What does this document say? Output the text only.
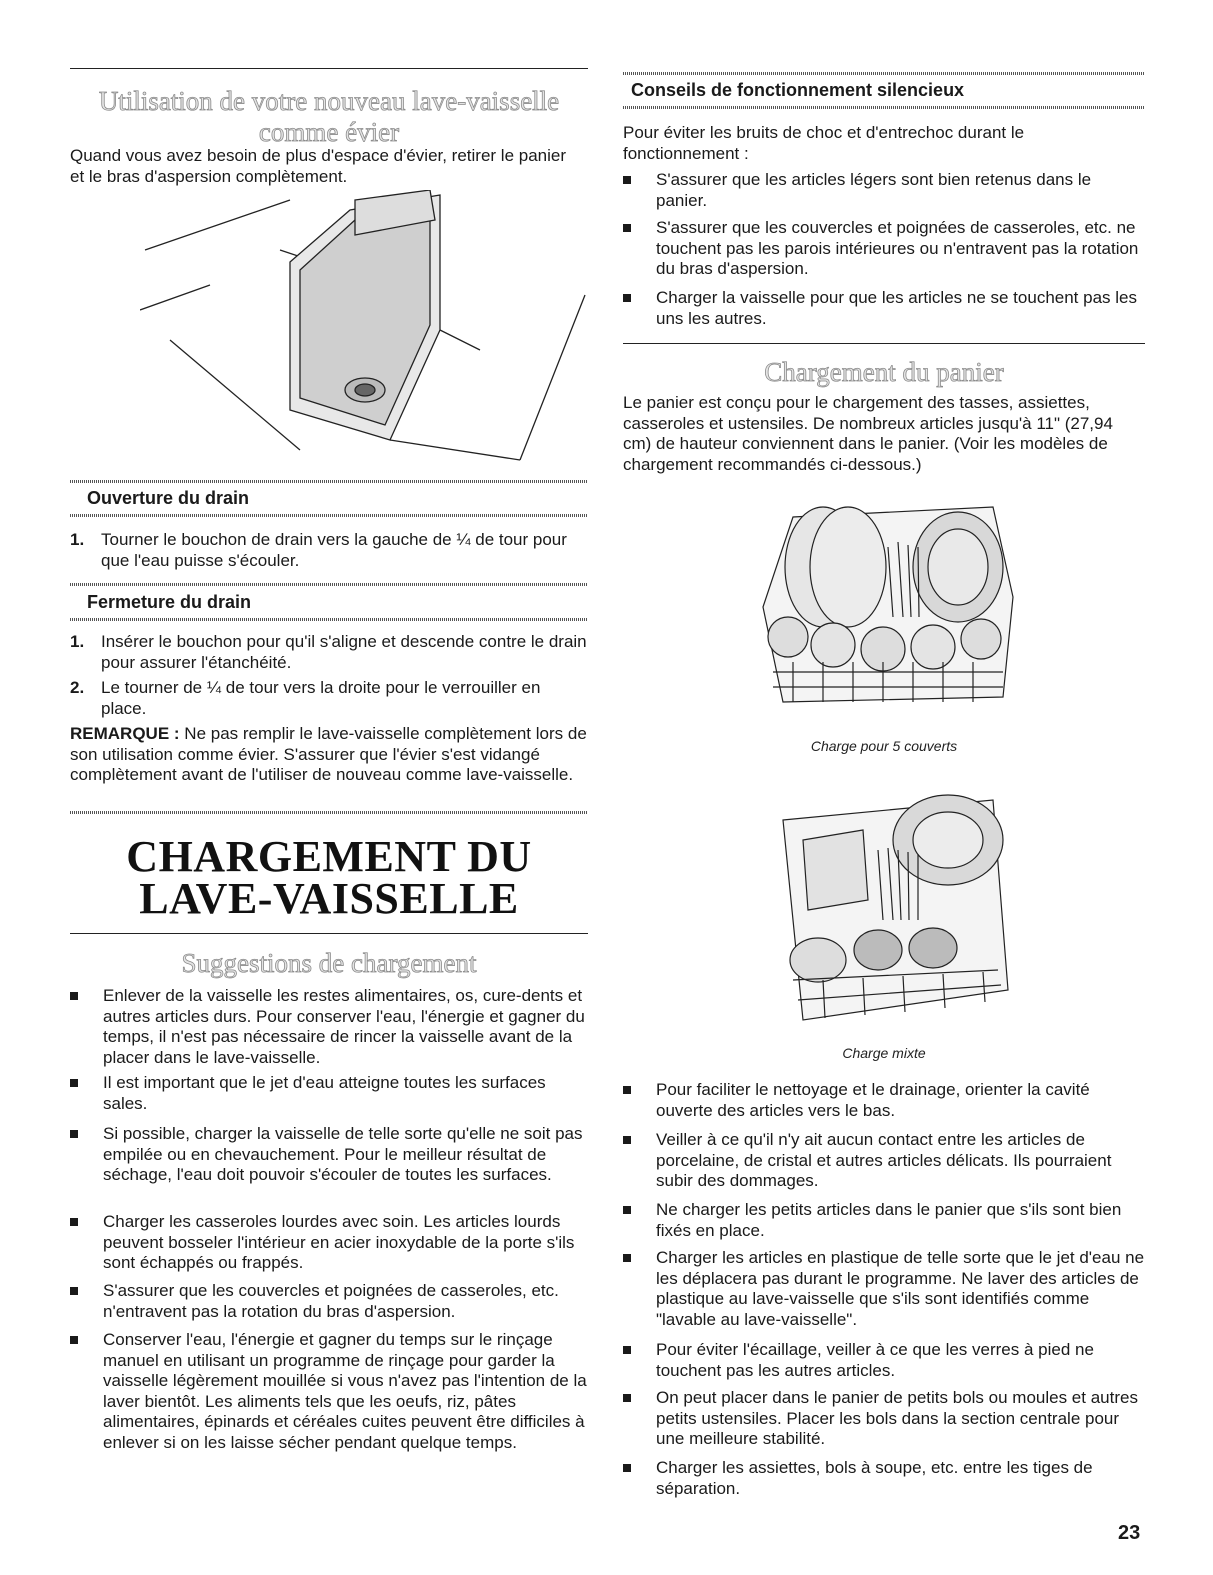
Utilisation de votre nouveau lave-vaisselle comme évier
Quand vous avez besoin de plus d'espace d'évier, retirer le panier et le bras d'aspersion complètement.
Ouverture du drain
1. Tourner le bouchon de drain vers la gauche de ¼ de tour pour que l'eau puisse s'écouler.
Fermeture du drain
1. Insérer le bouchon pour qu'il s'aligne et descende contre le drain pour assurer l'étanchéité.
2. Le tourner de ¼ de tour vers la droite pour le verrouiller en place.
REMARQUE : Ne pas remplir le lave-vaisselle complètement lors de son utilisation comme évier. S'assurer que l'évier s'est vidangé complètement avant de l'utiliser de nouveau comme lave-vaisselle.
CHARGEMENT DU
LAVE-VAISSELLE
Suggestions de chargement
Enlever de la vaisselle les restes alimentaires, os, cure-dents et autres articles durs. Pour conserver l'eau, l'énergie et gagner du temps, il n'est pas nécessaire de rincer la vaisselle avant de la placer dans le lave-vaisselle.
Il est important que le jet d'eau atteigne toutes les surfaces sales.
Si possible, charger la vaisselle de telle sorte qu'elle ne soit pas empilée ou en chevauchement. Pour le meilleur résultat de séchage, l'eau doit pouvoir s'écouler de toutes les surfaces.
Charger les casseroles lourdes avec soin. Les articles lourds peuvent bosseler l'intérieur en acier inoxydable de la porte s'ils sont échappés ou frappés.
S'assurer que les couvercles et poignées de casseroles, etc. n'entravent pas la rotation du bras d'aspersion.
Conserver l'eau, l'énergie et gagner du temps sur le rinçage manuel en utilisant un programme de rinçage pour garder la vaisselle légèrement mouillée si vous n'avez pas l'intention de la laver bientôt. Les aliments tels que les oeufs, riz, pâtes alimentaires, épinards et céréales cuites peuvent être difficiles à enlever si on les laisse sécher pendant quelque temps.
Conseils de fonctionnement silencieux
Pour éviter les bruits de choc et d'entrechoc durant le fonctionnement :
S'assurer que les articles légers sont bien retenus dans le panier.
S'assurer que les couvercles et poignées de casseroles, etc. ne touchent pas les parois intérieures ou n'entravent pas la rotation du bras d'aspersion.
Charger la vaisselle pour que les articles ne se touchent pas les uns les autres.
Chargement du panier
Le panier est conçu pour le chargement des tasses, assiettes, casseroles et ustensiles. De nombreux articles jusqu'à 11" (27,94 cm) de hauteur conviennent dans le panier. (Voir les modèles de chargement recommandés ci-dessous.)
Charge pour 5 couverts
Charge mixte
Pour faciliter le nettoyage et le drainage, orienter la cavité ouverte des articles vers le bas.
Veiller à ce qu'il n'y ait aucun contact entre les articles de porcelaine, de cristal et autres articles délicats. Ils pourraient subir des dommages.
Ne charger les petits articles dans le panier que s'ils sont bien fixés en place.
Charger les articles en plastique de telle sorte que le jet d'eau ne les déplacera pas durant le programme. Ne laver des articles de plastique au lave-vaisselle que s'ils sont identifiés comme "lavable au lave-vaisselle".
Pour éviter l'écaillage, veiller à ce que les verres à pied ne touchent pas les autres articles.
On peut placer dans le panier de petits bols ou moules et autres petits ustensiles. Placer les bols dans la section centrale pour une meilleure stabilité.
Charger les assiettes, bols à soupe, etc. entre les tiges de séparation.
23
